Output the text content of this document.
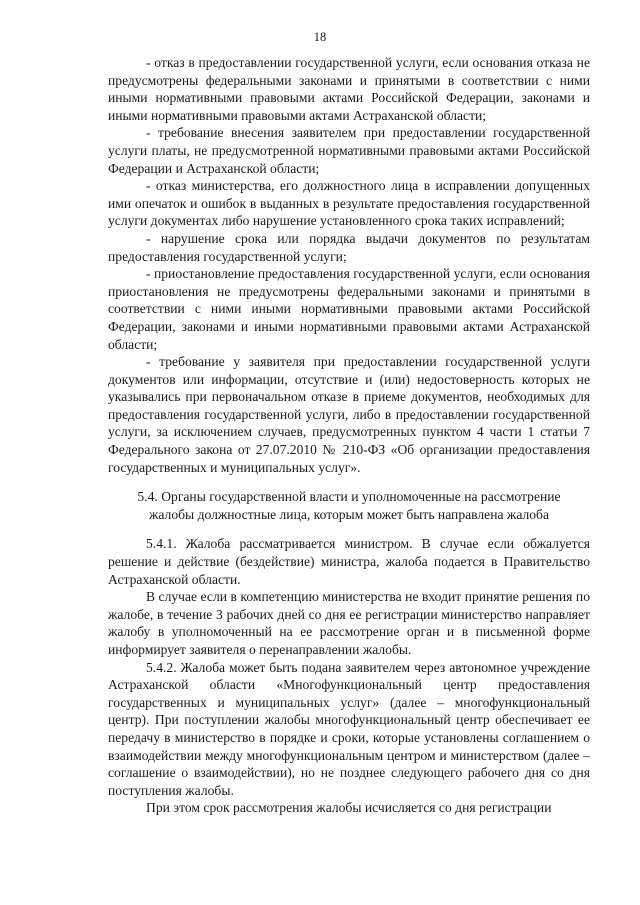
18

- отказ в предоставлении государственной услуги, если основания отказа не предусмотрены федеральными законами и принятыми в соответствии с ними иными нормативными правовыми актами Российской Федерации, законами и иными нормативными правовыми актами Астраханской области;

- требование внесения заявителем при предоставлении государственной услуги платы, не предусмотренной нормативными правовыми актами Российской Федерации и Астраханской области;

- отказ министерства, его должностного лица в исправлении допущенных ими опечаток и ошибок в выданных в результате предоставления государственной услуги документах либо нарушение установленного срока таких исправлений;

- нарушение срока или порядка выдачи документов по результатам предоставления государственной услуги;

- приостановление предоставления государственной услуги, если основания приостановления не предусмотрены федеральными законами и принятыми в соответствии с ними иными нормативными правовыми актами Российской Федерации, законами и иными нормативными правовыми актами Астраханской области;

- требование у заявителя при предоставлении государственной услуги документов или информации, отсутствие и (или) недостоверность которых не указывались при первоначальном отказе в приеме документов, необходимых для предоставления государственной услуги, либо в предоставлении государственной услуги, за исключением случаев, предусмотренных пунктом 4 части 1 статьи 7 Федерального закона от 27.07.2010 № 210-ФЗ «Об организации предоставления государственных и муниципальных услуг».

5.4. Органы государственной власти и уполномоченные на рассмотрение жалобы должностные лица, которым может быть направлена жалоба

5.4.1. Жалоба рассматривается министром. В случае если обжалуется решение и действие (бездействие) министра, жалоба подается в Правительство Астраханской области.

В случае если в компетенцию министерства не входит принятие решения по жалобе, в течение 3 рабочих дней со дня ее регистрации министерство направляет жалобу в уполномоченный на ее рассмотрение орган и в письменной форме информирует заявителя о перенаправлении жалобы.

5.4.2. Жалоба может быть подана заявителем через автономное учреждение Астраханской области «Многофункциональный центр предоставления государственных и муниципальных услуг» (далее – многофункциональный центр). При поступлении жалобы многофункциональный центр обеспечивает ее передачу в министерство в порядке и сроки, которые установлены соглашением о взаимодействии между многофункциональным центром и министерством (далее – соглашение о взаимодействии), но не позднее следующего рабочего дня со дня поступления жалобы.

При этом срок рассмотрения жалобы исчисляется со дня регистрации
